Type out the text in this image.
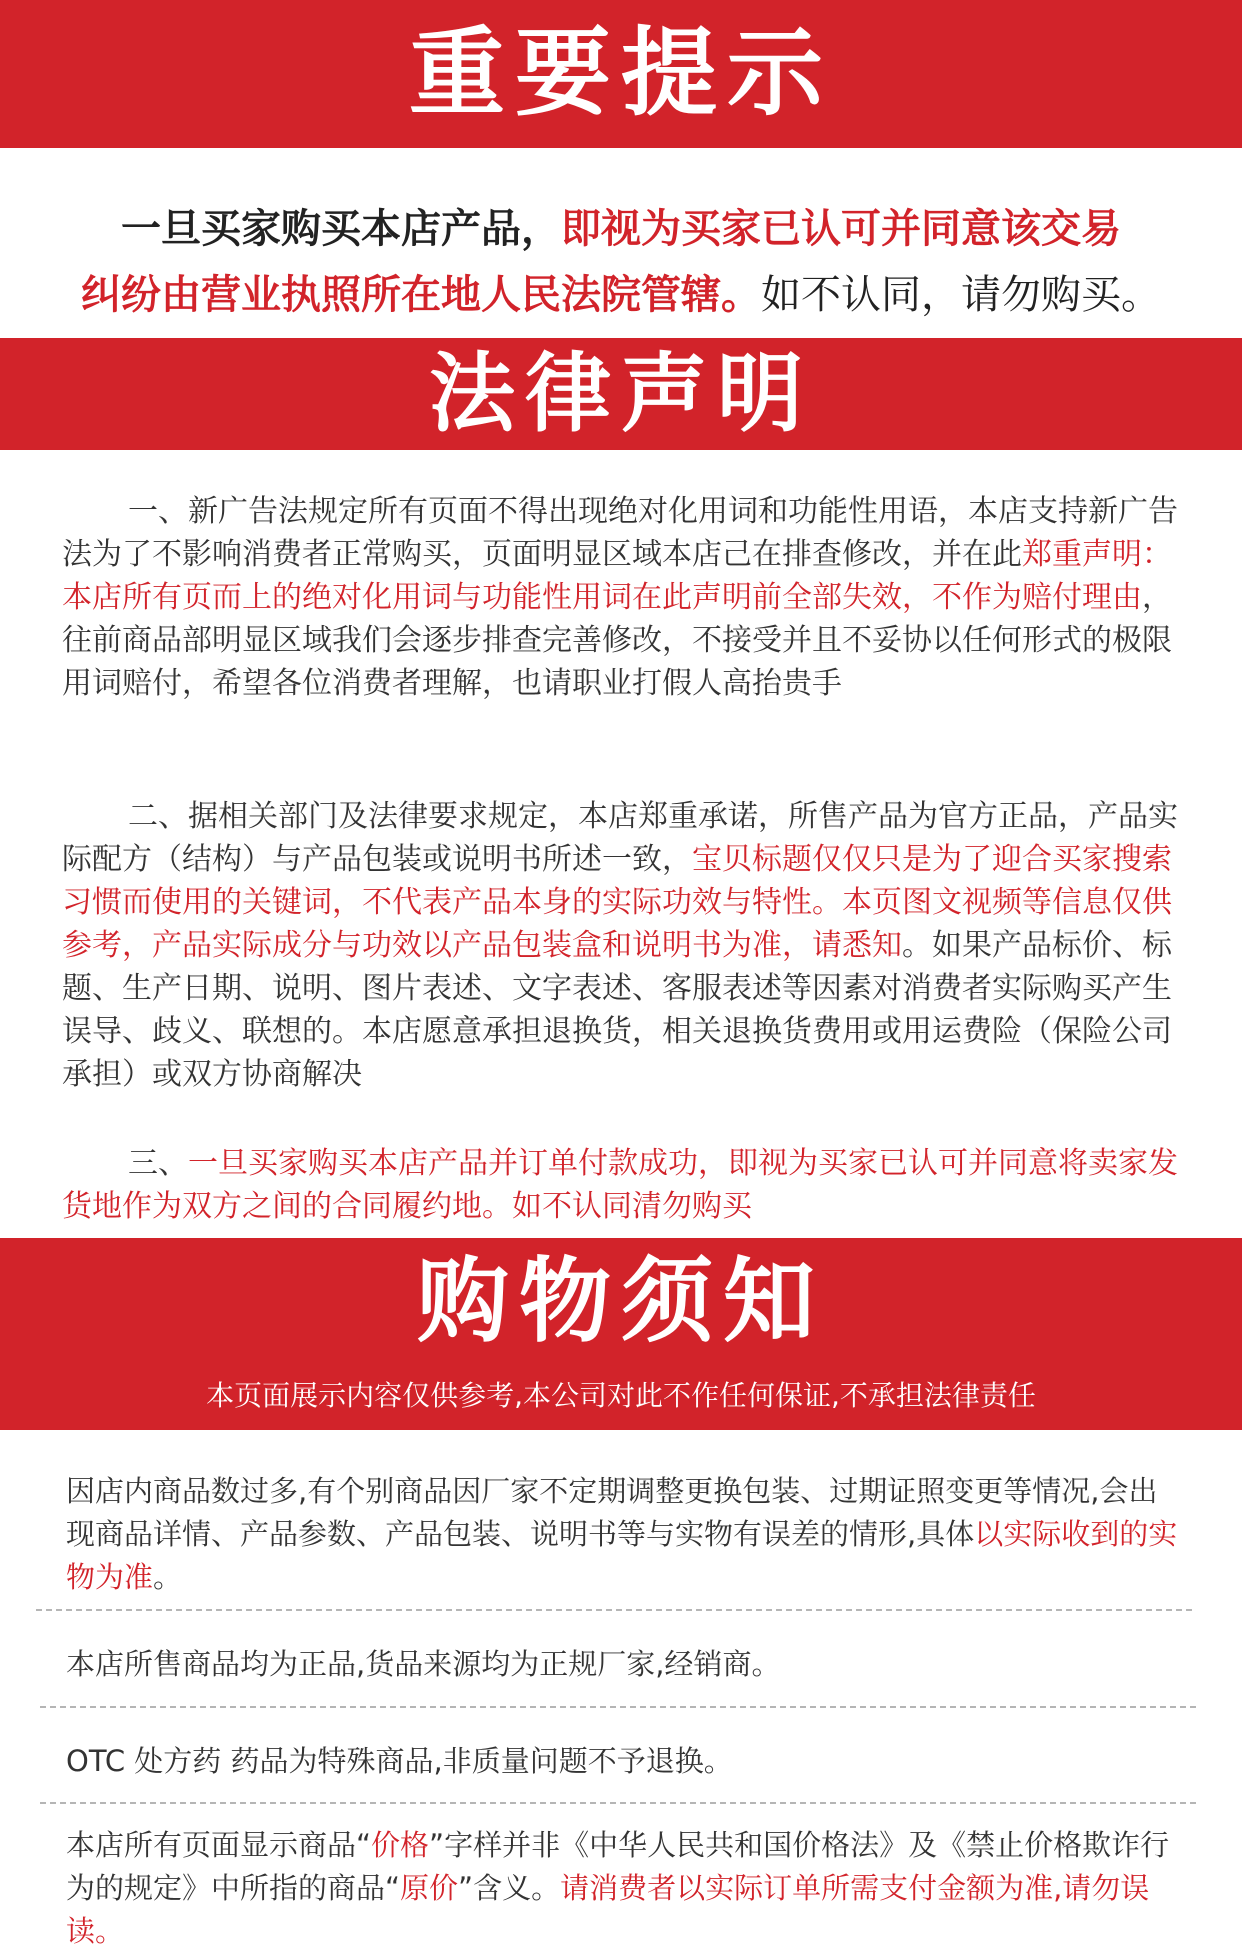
重要提示
一旦买家购买本店产品，即视为买家已认可并同意该交易
纠纷由营业执照所在地人民法院管辖。如不认同，请勿购买。
法律声明
一、新广告法规定所有页面不得出现绝对化用词和功能性用语，本店支持新广告法为了不影响消费者正常购买，页面明显区域本店己在排查修改，并在此郑重声明：本店所有页而上的绝对化用词与功能性用词在此声明前全部失效，不作为赔付理由，往前商品部明显区域我们会逐步排查完善修改，不接受并且不妥协以任何形式的极限用词赔付，希望各位消费者理解，也请职业打假人高抬贵手
二、据相关部门及法律要求规定，本店郑重承诺，所售产品为官方正品，产品实际配方（结构）与产品包装或说明书所述一致，宝贝标题仅仅只是为了迎合买家搜索习惯而使用的关键词，不代表产品本身的实际功效与特性。本页图文视频等信息仅供参考，产品实际成分与功效以产品包装盒和说明书为准，请悉知。如果产品标价、标题、生产日期、说明、图片表述、文字表述、客服表述等因素对消费者实际购买产生误导、歧义、联想的。本店愿意承担退换货，相关退换货费用或用运费险（保险公司承担）或双方协商解决
三、一旦买家购买本店产品并订单付款成功，即视为买家已认可并同意将卖家发货地作为双方之间的合同履约地。如不认同清勿购买
购物须知
本页面展示内容仅供参考,本公司对此不作任何保证,不承担法律责任
因店内商品数过多,有个别商品因厂家不定期调整更换包装、过期证照变更等情况,会出现商品详情、产品参数、产品包装、说明书等与实物有误差的情形,具体以实际收到的实物为准。
本店所售商品均为正品,货品来源均为正规厂家,经销商。
OTC 处方药 药品为特殊商品,非质量问题不予退换。
本店所有页面显示商品“价格”字样并非《中华人民共和国价格法》及《禁止价格欺诈行为的规定》中所指的商品“原价”含义。请消费者以实际订单所需支付金额为准,请勿误读。
